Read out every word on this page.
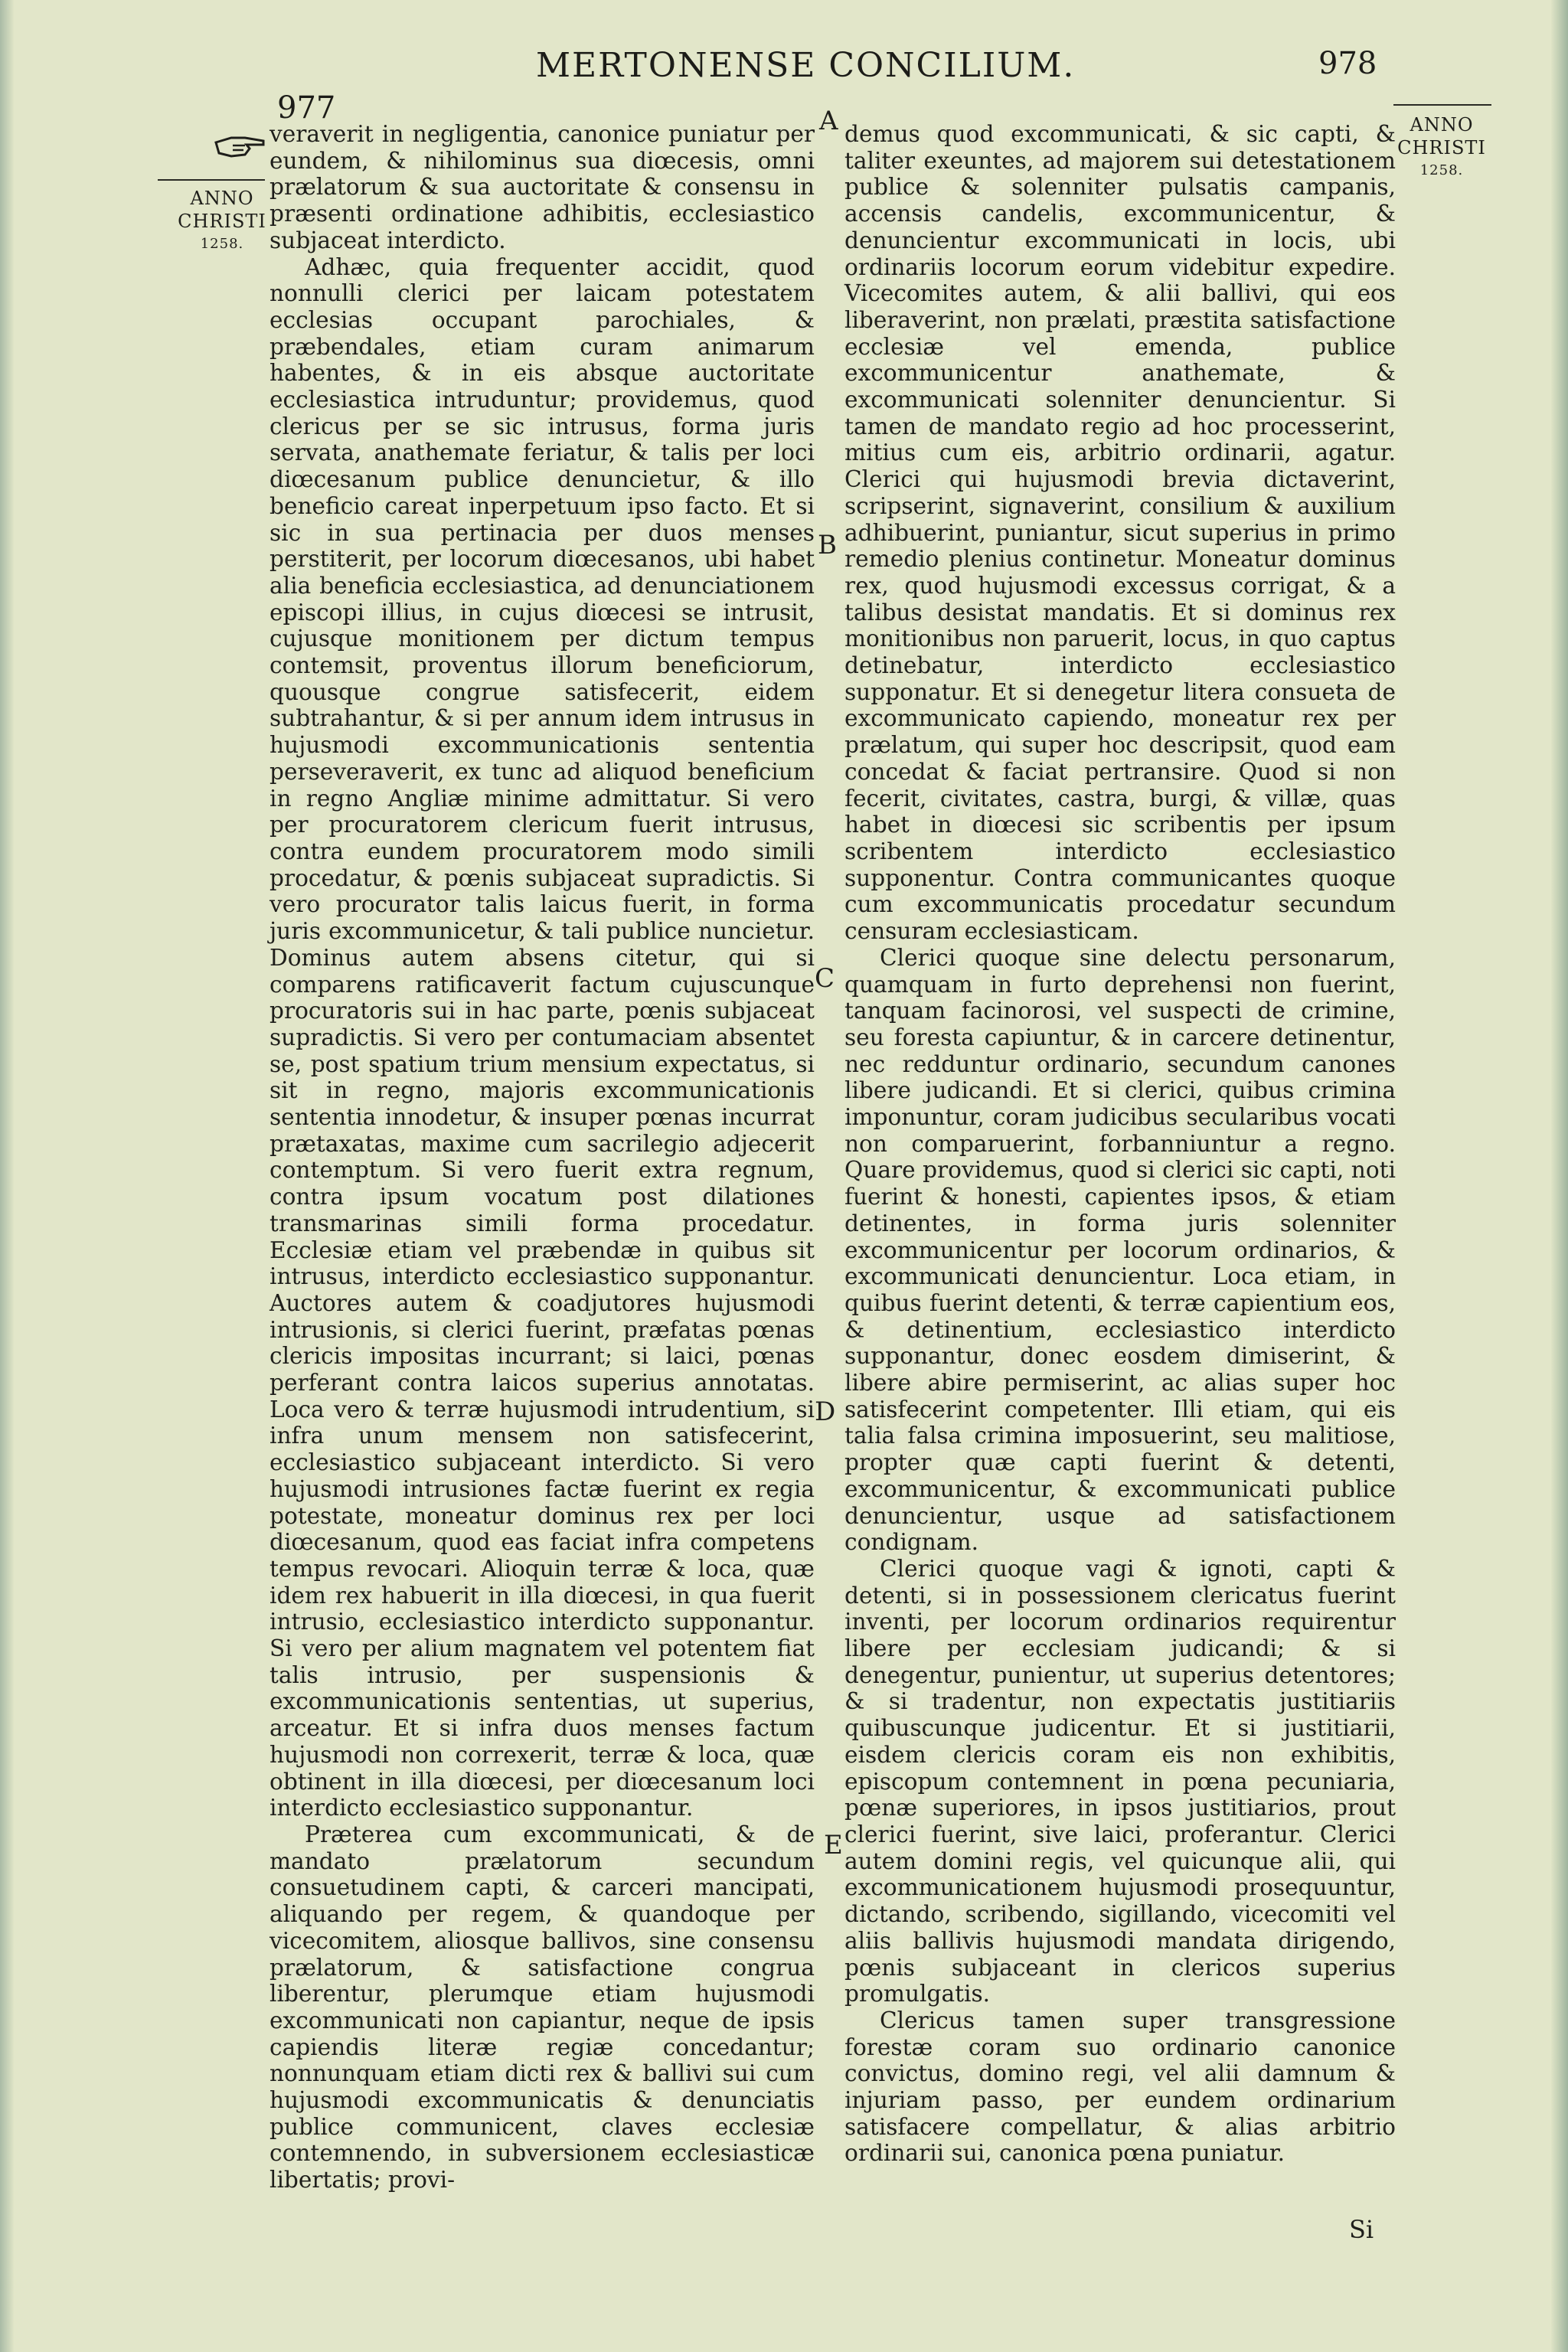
MERTONENSE CONCILIUM.
977
978
ANNO
CHRISTI
1258.
ANNO
CHRISTI
1258.
A
B
C
D
E

veraverit in negligentia, canonice puniatur per eundem, & nihilominus sua diœcesis, omni prælatorum & sua auctoritate & consensu in præsenti ordinatione adhibitis, ecclesiastico subjaceat interdicto.

Adhæc, quia frequenter accidit, quod nonnulli clerici per laicam potestatem ecclesias occupant parochiales, & præbendales, etiam curam animarum habentes, & in eis absque auctoritate ecclesiastica intruduntur; providemus, quod clericus per se sic intrusus, forma juris servata, anathemate feriatur, & talis per loci diœcesanum publice denuncietur, & illo beneficio careat inperpetuum ipso facto. Et si sic in sua pertinacia per duos menses perstiterit, per locorum diœcesanos, ubi habet alia beneficia ecclesiastica, ad denunciationem episcopi illius, in cujus diœcesi se intrusit, cujusque monitionem per dictum tempus contemsit, proventus illorum beneficiorum, quousque congrue satisfecerit, eidem subtrahantur, & si per annum idem intrusus in hujusmodi excommunicationis sententia perseveraverit, ex tunc ad aliquod beneficium in regno Angliæ minime admittatur. Si vero per procuratorem clericum fuerit intrusus, contra eundem procuratorem modo simili procedatur, & pœnis subjaceat supradictis. Si vero procurator talis laicus fuerit, in forma juris excommunicetur, & tali publice nuncietur. Dominus autem absens citetur, qui si comparens ratificaverit factum cujuscunque procuratoris sui in hac parte, pœnis subjaceat supradictis. Si vero per contumaciam absentet se, post spatium trium mensium expectatus, si sit in regno, majoris excommunicationis sententia innodetur, & insuper pœnas incurrat prætaxatas, maxime cum sacrilegio adjecerit contemptum. Si vero fuerit extra regnum, contra ipsum vocatum post dilationes transmarinas simili forma procedatur. Ecclesiæ etiam vel præbendæ in quibus sit intrusus, interdicto ecclesiastico supponantur. Auctores autem & coadjutores hujusmodi intrusionis, si clerici fuerint, præfatas pœnas clericis impositas incurrant; si laici, pœnas perferant contra laicos superius annotatas. Loca vero & terræ hujusmodi intrudentium, si infra unum mensem non satisfecerint, ecclesiastico subjaceant interdicto. Si vero hujusmodi intrusiones factæ fuerint ex regia potestate, moneatur dominus rex per loci diœcesanum, quod eas faciat infra competens tempus revocari. Alioquin terræ & loca, quæ idem rex habuerit in illa diœcesi, in qua fuerit intrusio, ecclesiastico interdicto supponantur. Si vero per alium magnatem vel potentem fiat talis intrusio, per suspensionis & excommunicationis sententias, ut superius, arceatur. Et si infra duos menses factum hujusmodi non correxerit, terræ & loca, quæ obtinent in illa diœcesi, per diœcesanum loci interdicto ecclesiastico supponantur.

Præterea cum excommunicati, & de mandato prælatorum secundum consuetudinem capti, & carceri mancipati, aliquando per regem, & quandoque per vicecomitem, aliosque ballivos, sine consensu prælatorum, & satisfactione congrua liberentur, plerumque etiam hujusmodi excommunicati non capiantur, neque de ipsis capiendis literæ regiæ concedantur; nonnunquam etiam dicti rex & ballivi sui cum hujusmodi excommunicatis & denunciatis publice communicent, claves ecclesiæ contemnendo, in subversionem ecclesiasticæ libertatis; provi-

demus quod excommunicati, & sic capti, & taliter exeuntes, ad majorem sui detestationem publice & solenniter pulsatis campanis, accensis candelis, excommunicentur, & denuncientur excommunicati in locis, ubi ordinariis locorum eorum videbitur expedire. Vicecomites autem, & alii ballivi, qui eos liberaverint, non prælati, præstita satisfactione ecclesiæ vel emenda, publice excommunicentur anathemate, & excommunicati solenniter denuncientur. Si tamen de mandato regio ad hoc processerint, mitius cum eis, arbitrio ordinarii, agatur. Clerici qui hujusmodi brevia dictaverint, scripserint, signaverint, consilium & auxilium adhibuerint, puniantur, sicut superius in primo remedio plenius continetur. Moneatur dominus rex, quod hujusmodi excessus corrigat, & a talibus desistat mandatis. Et si dominus rex monitionibus non paruerit, locus, in quo captus detinebatur, interdicto ecclesiastico supponatur. Et si denegetur litera consueta de excommunicato capiendo, moneatur rex per prælatum, qui super hoc descripsit, quod eam concedat & faciat pertransire. Quod si non fecerit, civitates, castra, burgi, & villæ, quas habet in diœcesi sic scribentis per ipsum scribentem interdicto ecclesiastico supponentur. Contra communicantes quoque cum excommunicatis procedatur secundum censuram ecclesiasticam.

Clerici quoque sine delectu personarum, quamquam in furto deprehensi non fuerint, tanquam facinorosi, vel suspecti de crimine, seu foresta capiuntur, & in carcere detinentur, nec redduntur ordinario, secundum canones libere judicandi. Et si clerici, quibus crimina imponuntur, coram judicibus secularibus vocati non comparuerint, forbanniuntur a regno. Quare providemus, quod si clerici sic capti, noti fuerint & honesti, capientes ipsos, & etiam detinentes, in forma juris solenniter excommunicentur per locorum ordinarios, & excommunicati denuncientur. Loca etiam, in quibus fuerint detenti, & terræ capientium eos, & detinentium, ecclesiastico interdicto supponantur, donec eosdem dimiserint, & libere abire permiserint, ac alias super hoc satisfecerint competenter. Illi etiam, qui eis talia falsa crimina imposuerint, seu malitiose, propter quæ capti fuerint & detenti, excommunicentur, & excommunicati publice denuncientur, usque ad satisfactionem condignam.

Clerici quoque vagi & ignoti, capti & detenti, si in possessionem clericatus fuerint inventi, per locorum ordinarios requirentur libere per ecclesiam judicandi; & si denegentur, punientur, ut superius detentores; & si tradentur, non expectatis justitiariis quibuscunque judicentur. Et si justitiarii, eisdem clericis coram eis non exhibitis, episcopum contemnent in pœna pecuniaria, pœnæ superiores, in ipsos justitiarios, prout clerici fuerint, sive laici, proferantur. Clerici autem domini regis, vel quicunque alii, qui excommunicationem hujusmodi prosequuntur, dictando, scribendo, sigillando, vicecomiti vel aliis ballivis hujusmodi mandata dirigendo, pœnis subjaceant in clericos superius promulgatis.

Clericus tamen super transgressione forestæ coram suo ordinario canonice convictus, domino regi, vel alii damnum & injuriam passo, per eundem ordinarium satisfacere compellatur, & alias arbitrio ordinarii sui, canonica pœna puniatur.

Si
